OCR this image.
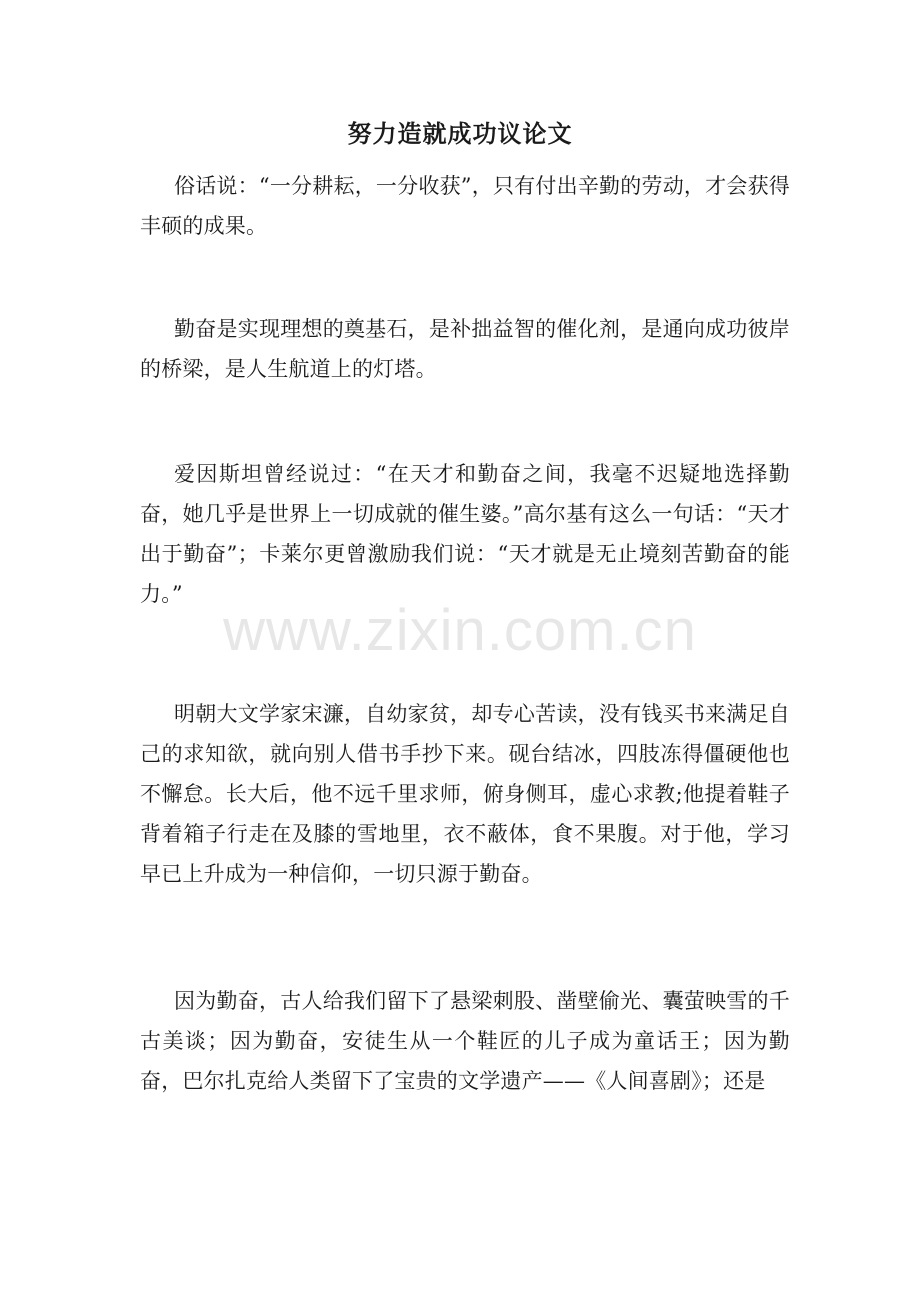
努力造就成功议论文
俗话说：“一分耕耘，一分收获”，只有付出辛勤的劳动，才会获得丰硕的成果。
勤奋是实现理想的奠基石，是补拙益智的催化剂，是通向成功彼岸的桥梁，是人生航道上的灯塔。
爱因斯坦曾经说过：“在天才和勤奋之间，我毫不迟疑地选择勤奋，她几乎是世界上一切成就的催生婆。”高尔基有这么一句话：“天才出于勤奋”；卡莱尔更曾激励我们说：“天才就是无止境刻苦勤奋的能力。”
明朝大文学家宋濂，自幼家贫，却专心苦读，没有钱买书来满足自己的求知欲，就向别人借书手抄下来。砚台结冰，四肢冻得僵硬他也不懈怠。长大后，他不远千里求师，俯身侧耳，虚心求教;他提着鞋子背着箱子行走在及膝的雪地里，衣不蔽体，食不果腹。对于他，学习早已上升成为一种信仰，一切只源于勤奋。
因为勤奋，古人给我们留下了悬梁刺股、凿壁偷光、囊萤映雪的千古美谈；因为勤奋，安徒生从一个鞋匠的儿子成为童话王；因为勤奋，巴尔扎克给人类留下了宝贵的文学遗产——《人间喜剧》；还是
www.zixin.com.cn
